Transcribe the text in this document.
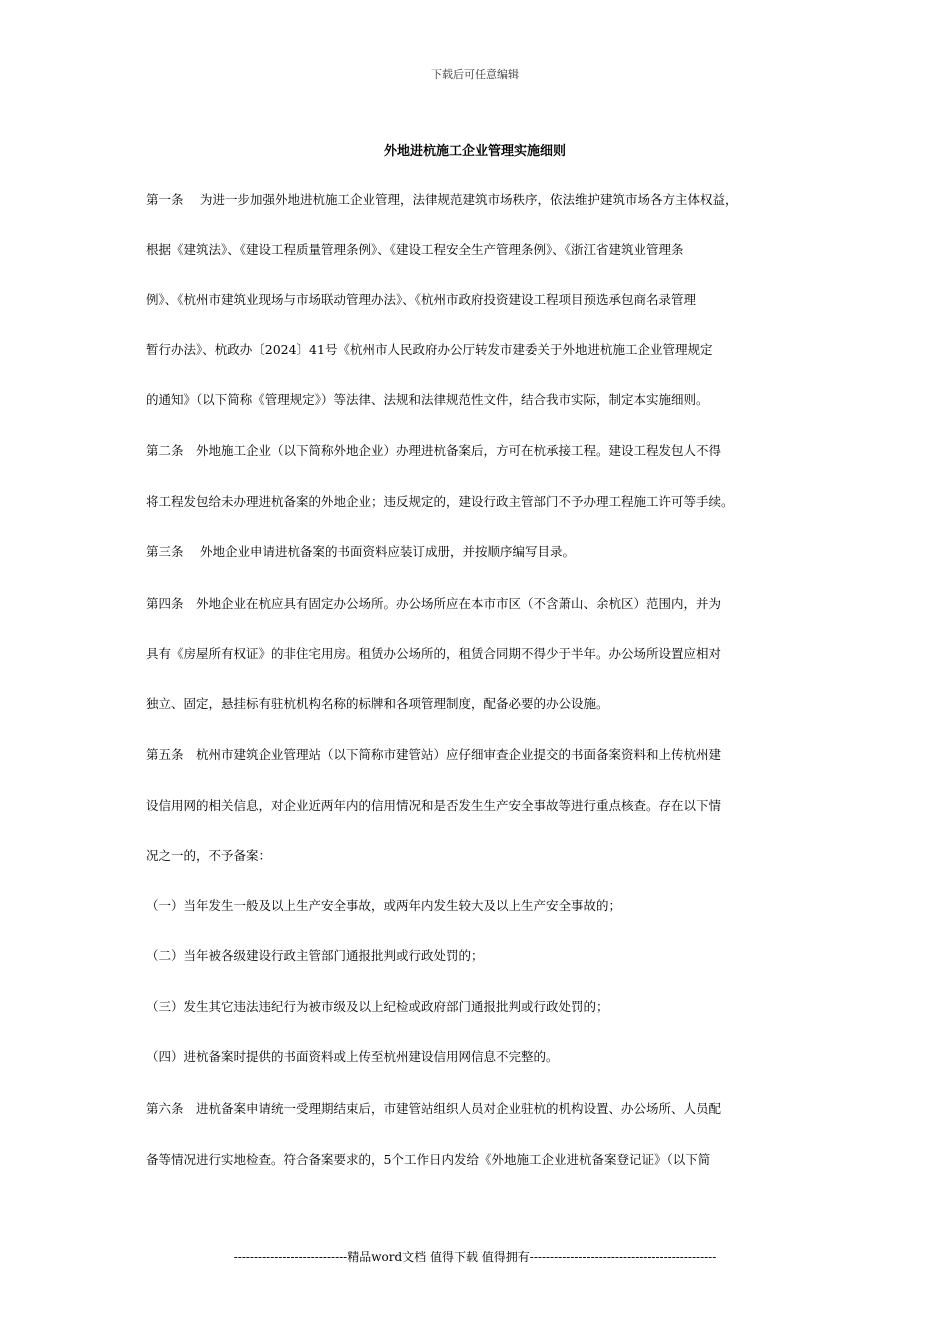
下载后可任意编辑
外地进杭施工企业管理实施细则
第一条　 为进一步加强外地进杭施工企业管理，法律规范建筑市场秩序，依法维护建筑市场各方主体权益，
根据《建筑法》、《建设工程质量管理条例》、《建设工程安全生产管理条例》、《浙江省建筑业管理条
例》、《杭州市建筑业现场与市场联动管理办法》、《杭州市政府投资建设工程项目预选承包商名录管理
暂行办法》、杭政办〔2024〕41号《杭州市人民政府办公厅转发市建委关于外地进杭施工企业管理规定
的通知》（以下简称《管理规定》）等法律、法规和法律规范性文件，结合我市实际，制定本实施细则。
第二条　外地施工企业（以下简称外地企业）办理进杭备案后，方可在杭承接工程。建设工程发包人不得
将工程发包给未办理进杭备案的外地企业；违反规定的，建设行政主管部门不予办理工程施工许可等手续。
第三条　 外地企业申请进杭备案的书面资料应装订成册，并按顺序编写目录。
第四条　外地企业在杭应具有固定办公场所。办公场所应在本市市区（不含萧山、余杭区）范围内，并为
具有《房屋所有权证》的非住宅用房。租赁办公场所的，租赁合同期不得少于半年。办公场所设置应相对
独立、固定，悬挂标有驻杭机构名称的标牌和各项管理制度，配备必要的办公设施。
第五条　杭州市建筑企业管理站（以下简称市建管站）应仔细审查企业提交的书面备案资料和上传杭州建
设信用网的相关信息，对企业近两年内的信用情况和是否发生生产安全事故等进行重点核查。存在以下情
况之一的，不予备案：
（一）当年发生一般及以上生产安全事故，或两年内发生较大及以上生产安全事故的；
（二）当年被各级建设行政主管部门通报批判或行政处罚的；
（三）发生其它违法违纪行为被市级及以上纪检或政府部门通报批判或行政处罚的；
（四）进杭备案时提供的书面资料或上传至杭州建设信用网信息不完整的。
第六条　进杭备案申请统一受理期结束后，市建管站组织人员对企业驻杭的机构设置、办公场所、人员配
备等情况进行实地检查。符合备案要求的，5个工作日内发给《外地施工企业进杭备案登记证》（以下简
----------------------------精品word文档 值得下载 值得拥有----------------------------------------------
